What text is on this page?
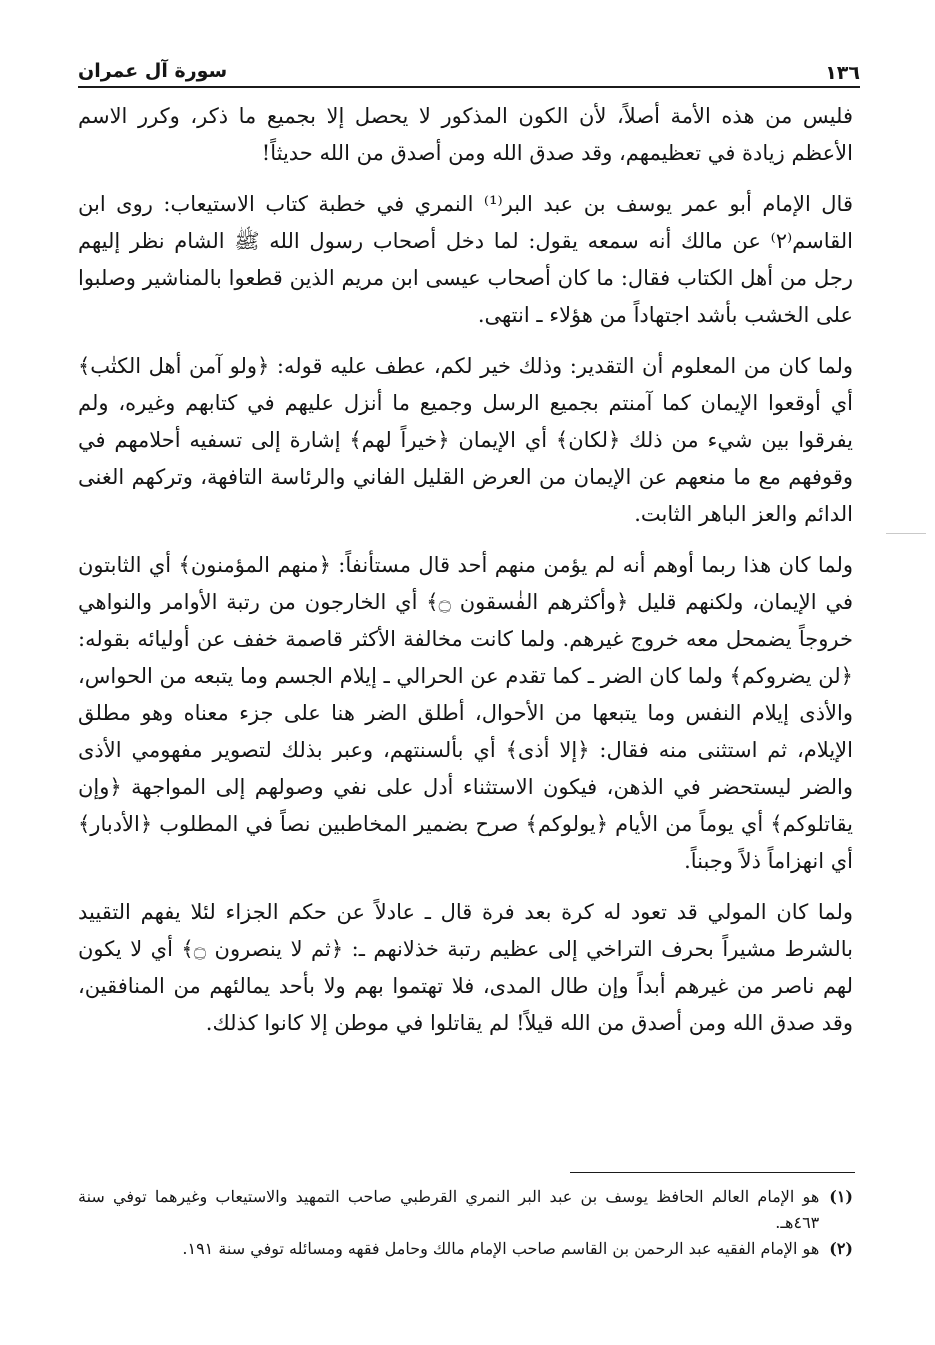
١٣٦
سورة آل عمران

فليس من هذه الأمة أصلاً، لأن الكون المذكور لا يحصل إلا بجميع ما ذكر، وكرر الاسم الأعظم زيادة في تعظيمهم، وقد صدق الله ومن أصدق من الله حديثاً!

قال الإمام أبو عمر يوسف بن عبد البر⁽¹⁾ النمري في خطبة كتاب الاستيعاب: روى ابن القاسم⁽٢⁾ عن مالك أنه سمعه يقول: لما دخل أصحاب رسول الله ﷺ الشام نظر إليهم رجل من أهل الكتاب فقال: ما كان أصحاب عيسى ابن مريم الذين قطعوا بالمناشير وصلبوا على الخشب بأشد اجتهاداً من هؤلاء ـ انتهى.

ولما كان من المعلوم أن التقدير: وذلك خير لكم، عطف عليه قوله: ﴿ولو آمن أهل الكتٰب﴾ أي أوقعوا الإيمان كما آمنتم بجميع الرسل وجميع ما أنزل عليهم في كتابهم وغيره، ولم يفرقوا بين شيء من ذلك ﴿لكان﴾ أي الإيمان ﴿خيراً لهم﴾ إشارة إلى تسفيه أحلامهم في وقوفهم مع ما منعهم عن الإيمان من العرض القليل الفاني والرئاسة التافهة، وتركهم الغنى الدائم والعز الباهر الثابت.

ولما كان هذا ربما أوهم أنه لم يؤمن منهم أحد قال مستأنفاً: ﴿منهم المؤمنون﴾ أي الثابتون في الإيمان، ولكنهم قليل ﴿وأكثرهم الفٰسقون ۝﴾ أي الخارجون من رتبة الأوامر والنواهي خروجاً يضمحل معه خروج غيرهم. ولما كانت مخالفة الأكثر قاصمة خفف عن أوليائه بقوله: ﴿لن يضروكم﴾ ولما كان الضر ـ كما تقدم عن الحرالي ـ إيلام الجسم وما يتبعه من الحواس، والأذى إيلام النفس وما يتبعها من الأحوال، أطلق الضر هنا على جزء معناه وهو مطلق الإيلام، ثم استثنى منه فقال: ﴿إلا أذى﴾ أي بألسنتهم، وعبر بذلك لتصوير مفهومي الأذى والضر ليستحضر في الذهن، فيكون الاستثناء أدل على نفي وصولهم إلى المواجهة ﴿وإن يقاتلوكم﴾ أي يوماً من الأيام ﴿يولوكم﴾ صرح بضمير المخاطبين نصاً في المطلوب ﴿الأدبار﴾ أي انهزاماً ذلاً وجبناً.

ولما كان المولي قد تعود له كرة بعد فرة قال ـ عادلاً عن حكم الجزاء لئلا يفهم التقييد بالشرط مشيراً بحرف التراخي إلى عظيم رتبة خذلانهم ـ: ﴿ثم لا ينصرون ۝﴾ أي لا يكون لهم ناصر من غيرهم أبداً وإن طال المدى، فلا تهتموا بهم ولا بأحد يمالئهم من المنافقين، وقد صدق الله ومن أصدق من الله قيلاً! لم يقاتلوا في موطن إلا كانوا كذلك.

(١)
هو الإمام العالم الحافظ يوسف بن عبد البر النمري القرطبي صاحب التمهيد والاستيعاب وغيرهما توفي سنة ٤٦٣هـ.
(٢)
هو الإمام الفقيه عبد الرحمن بن القاسم صاحب الإمام مالك وحامل فقهه ومسائله توفي سنة ١٩١.
